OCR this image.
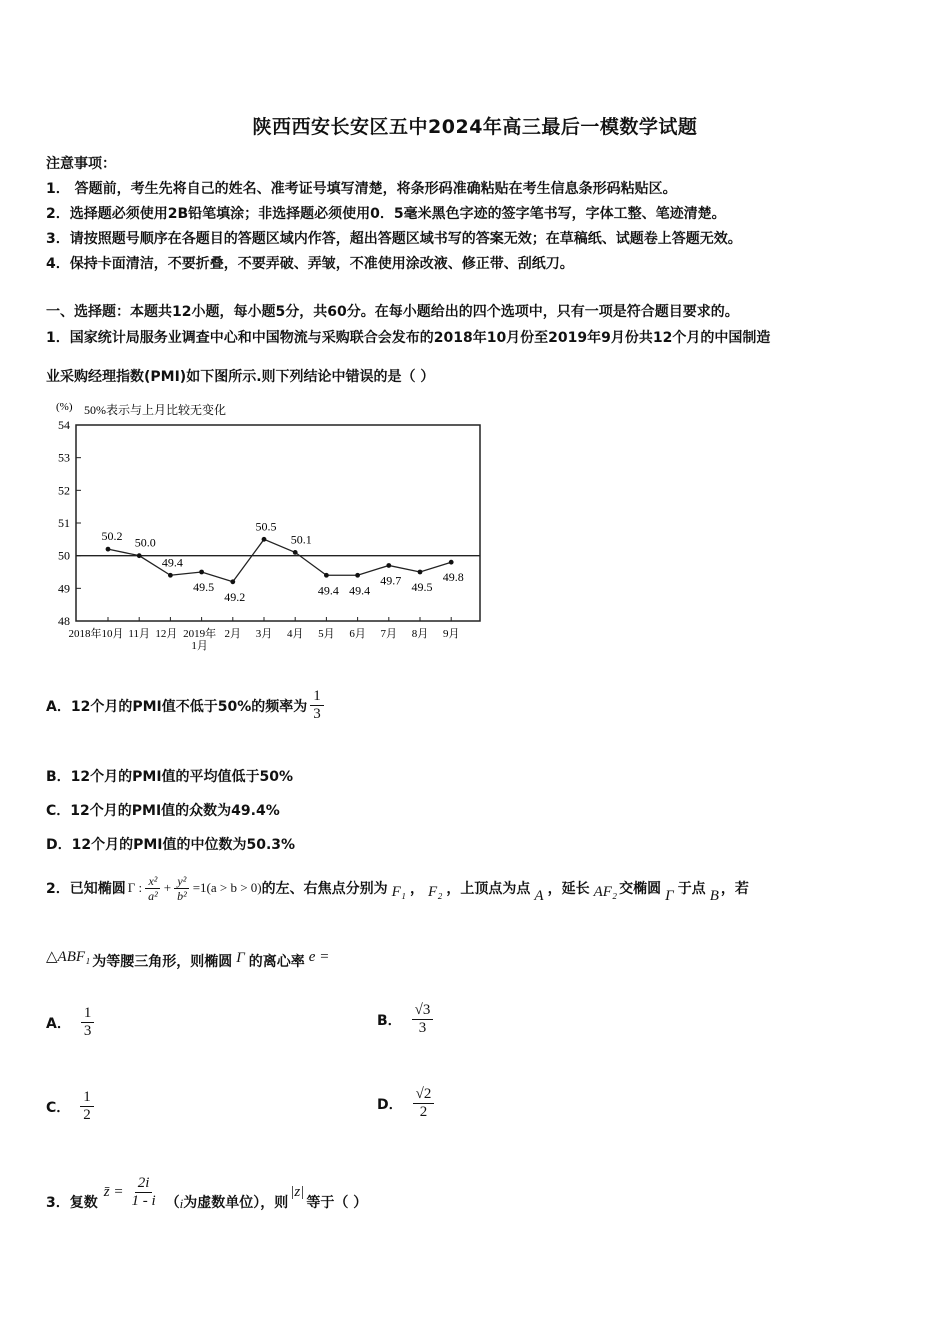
陕西西安长安区五中2024年高三最后一模数学试题
注意事项：
1． 答题前，考生先将自己的姓名、准考证号填写清楚，将条形码准确粘贴在考生信息条形码粘贴区。
2．选择题必须使用2B铅笔填涂；非选择题必须使用0．5毫米黑色字迹的签字笔书写，字体工整、笔迹清楚。
3．请按照题号顺序在各题目的答题区域内作答，超出答题区域书写的答案无效；在草稿纸、试题卷上答题无效。
4．保持卡面清洁，不要折叠，不要弄破、弄皱，不准使用涂改液、修正带、刮纸刀。
一、选择题：本题共12小题，每小题5分，共60分。在每小题给出的四个选项中，只有一项是符合题目要求的。
1．国家统计局服务业调查中心和中国物流与采购联合会发布的2018年10月份至2019年9月份共12个月的中国制造
业采购经理指数(PMI)如下图所示.则下列结论中错误的是（ ）
(%) 50%表示与上月比较无变化
54
53
52
51
50
49
48
50.2 50.0
49.4
49.5
49.2
50.5
50.1
49.4 49.4
49.7 49.5
49.8
2018年10月 11月 12月 2019年
1月
2月 3月 4月 5月 6月 7月 8月 9月
A．12个月的PMI值不低于50%的频率为 $\frac{1}{3}$
B．12个月的PMI值的平均值低于50%
C．12个月的PMI值的众数为49.4%
D．12个月的PMI值的中位数为50.3%
2．已知椭圆 Γ : $\frac{\text{x²}}{\text{a²}} + \frac{\text{y²}}{\text{b²}} =1(a > b > 0)$ 的左、右焦点分别为 F₁ ， F₂ ，上顶点为点 A ，延长 AF₂ 交椭圆 Γ 于点 B ，若
△ABF₁ 为等腰三角形，则椭圆 Γ 的离心率 e =
A． $\frac{1}{3}$	B． $\frac{√3}{3}$
C． $\frac{1}{2}$	D． $\frac{√2}{2}$
3．复数
z̄ = $\frac{2i}{1 - i}$ （ i 为虚数单位），则
|z|
等于（ ）
